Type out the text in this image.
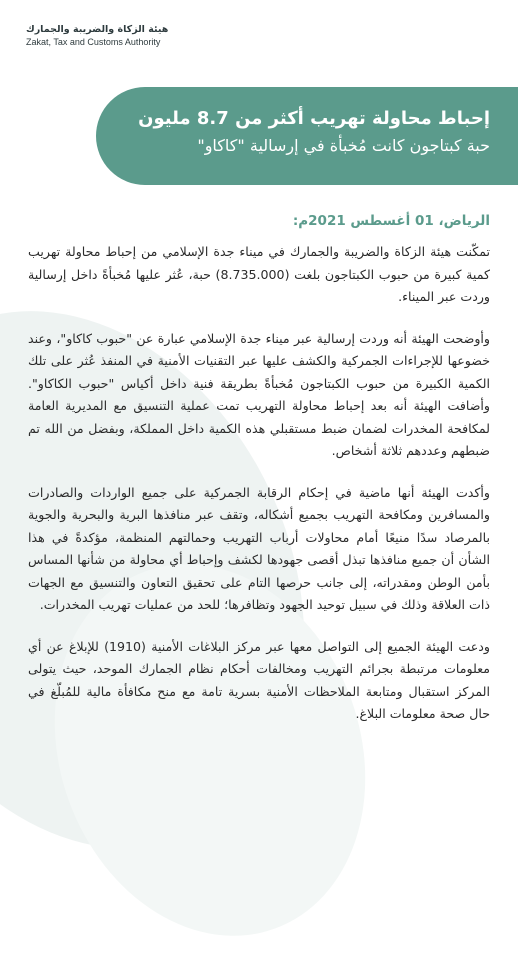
هيئة الزكاة والضريبة والجمارك
Zakat, Tax and Customs Authority

إحباط محاولة تهريب أكثر من 8.7 مليون

حبة كبتاجون كانت مُخبأة في إرسالية "كاكاو"

الرياض، 01 أغسطس 2021م:

تمكّنت هيئة الزكاة والضريبة والجمارك في ميناء جدة الإسلامي من إحباط محاولة تهريب كمية كبيرة من حبوب الكبتاجون بلغت (8.735.000) حبة، عُثر عليها مُخبأةً داخل إرسالية وردت عبر الميناء.

وأوضحت الهيئة أنه وردت إرسالية عبر ميناء جدة الإسلامي عبارة عن "حبوب كاكاو"، وعند خضوعها للإجراءات الجمركية والكشف عليها عبر التقنيات الأمنية في المنفذ عُثر على تلك الكمية الكبيرة من حبوب الكبتاجون مُخبأةً بطريقة فنية داخل أكياس "حبوب الكاكاو". وأضافت الهيئة أنه بعد إحباط محاولة التهريب تمت عملية التنسيق مع المديرية العامة لمكافحة المخدرات لضمان ضبط مستقبلي هذه الكمية داخل المملكة، وبفضل من الله تم ضبطهم وعددهم ثلاثة أشخاص.

وأكدت الهيئة أنها ماضية في إحكام الرقابة الجمركية على جميع الواردات والصادرات والمسافرين ومكافحة التهريب بجميع أشكاله، وتقف عبر منافذها البرية والبحرية والجوية بالمرصاد سدًا منيعًا أمام محاولات أرباب التهريب وحمالتهم المنظمة، مؤكدةً في هذا الشأن أن جميع منافذها تبذل أقصى جهودها لكشف وإحباط أي محاولة من شأنها المساس بأمن الوطن ومقدراته، إلى جانب حرصها التام على تحقيق التعاون والتنسيق مع الجهات ذات العلاقة وذلك في سبيل توحيد الجهود وتظافرها؛ للحد من عمليات تهريب المخدرات.

ودعت الهيئة الجميع إلى التواصل معها عبر مركز البلاغات الأمنية (1910) للإبلاغ عن أي معلومات مرتبطة بجرائم التهريب ومخالفات أحكام نظام الجمارك الموحد، حيث يتولى المركز استقبال ومتابعة الملاحظات الأمنية بسرية تامة مع منح مكافأة مالية للمُبلّغ في حال صحة معلومات البلاغ.
